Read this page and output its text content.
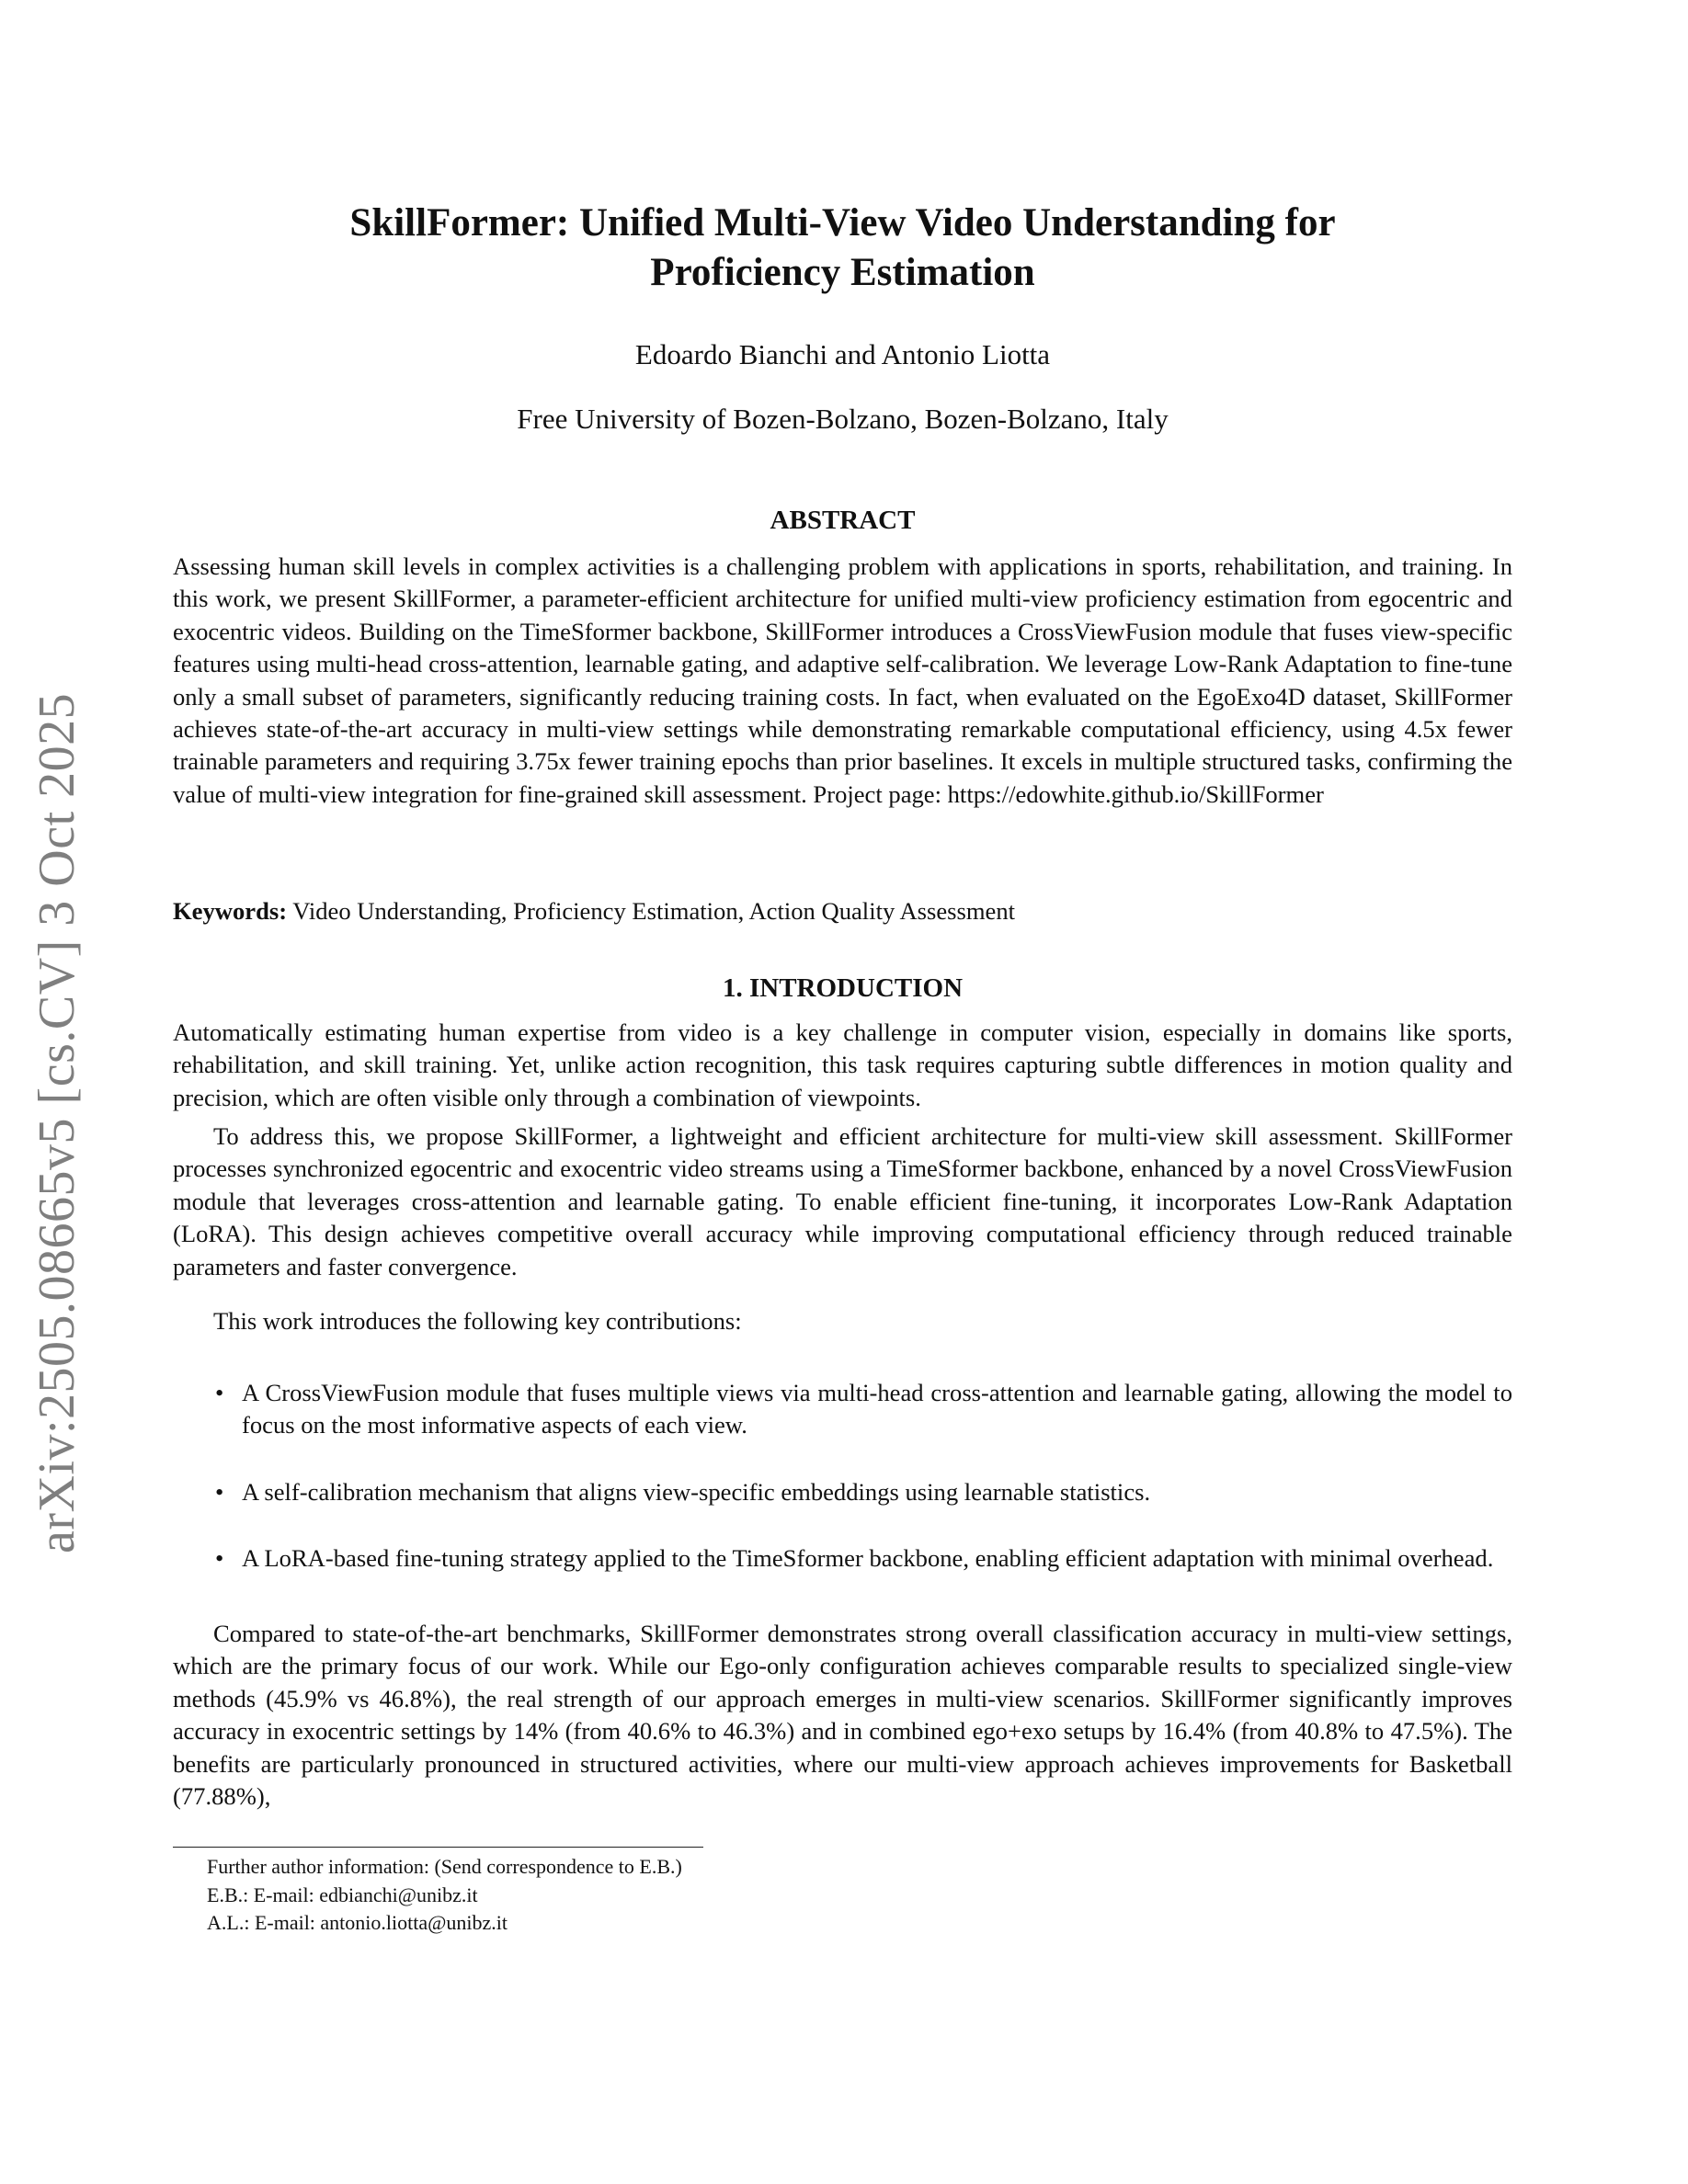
arXiv:2505.08665v5 [cs.CV] 3 Oct 2025
SkillFormer: Unified Multi-View Video Understanding for
Proficiency Estimation
Edoardo Bianchi and Antonio Liotta
Free University of Bozen-Bolzano, Bozen-Bolzano, Italy
ABSTRACT

Assessing human skill levels in complex activities is a challenging problem with applications in sports, rehabilitation, and training. In this work, we present SkillFormer, a parameter-efficient architecture for unified multi-view proficiency estimation from egocentric and exocentric videos. Building on the TimeSformer backbone, SkillFormer introduces a CrossViewFusion module that fuses view-specific features using multi-head cross-attention, learnable gating, and adaptive self-calibration. We leverage Low-Rank Adaptation to fine-tune only a small subset of parameters, significantly reducing training costs. In fact, when evaluated on the EgoExo4D dataset, SkillFormer achieves state-of-the-art accuracy in multi-view settings while demonstrating remarkable computational efficiency, using 4.5x fewer trainable parameters and requiring 3.75x fewer training epochs than prior baselines. It excels in multiple structured tasks, confirming the value of multi-view integration for fine-grained skill assessment. Project page: https://edowhite.github.io/SkillFormer

Keywords: Video Understanding, Proficiency Estimation, Action Quality Assessment

1. INTRODUCTION

Automatically estimating human expertise from video is a key challenge in computer vision, especially in domains like sports, rehabilitation, and skill training. Yet, unlike action recognition, this task requires capturing subtle differences in motion quality and precision, which are often visible only through a combination of viewpoints.

To address this, we propose SkillFormer, a lightweight and efficient architecture for multi-view skill assessment. SkillFormer processes synchronized egocentric and exocentric video streams using a TimeSformer backbone, enhanced by a novel CrossViewFusion module that leverages cross-attention and learnable gating. To enable efficient fine-tuning, it incorporates Low-Rank Adaptation (LoRA). This design achieves competitive overall accuracy while improving computational efficiency through reduced trainable parameters and faster convergence.

This work introduces the following key contributions:

• A CrossViewFusion module that fuses multiple views via multi-head cross-attention and learnable gating, allowing the model to focus on the most informative aspects of each view.
• A self-calibration mechanism that aligns view-specific embeddings using learnable statistics.
• A LoRA-based fine-tuning strategy applied to the TimeSformer backbone, enabling efficient adaptation with minimal overhead.

Compared to state-of-the-art benchmarks, SkillFormer demonstrates strong overall classification accuracy in multi-view settings, which are the primary focus of our work. While our Ego-only configuration achieves comparable results to specialized single-view methods (45.9% vs 46.8%), the real strength of our approach emerges in multi-view scenarios. SkillFormer significantly improves accuracy in exocentric settings by 14% (from 40.6% to 46.3%) and in combined ego+exo setups by 16.4% (from 40.8% to 47.5%). The benefits are particularly pronounced in structured activities, where our multi-view approach achieves improvements for Basketball (77.88%),

Further author information: (Send correspondence to E.B.)
E.B.: E-mail: edbianchi@unibz.it
A.L.: E-mail: antonio.liotta@unibz.it
